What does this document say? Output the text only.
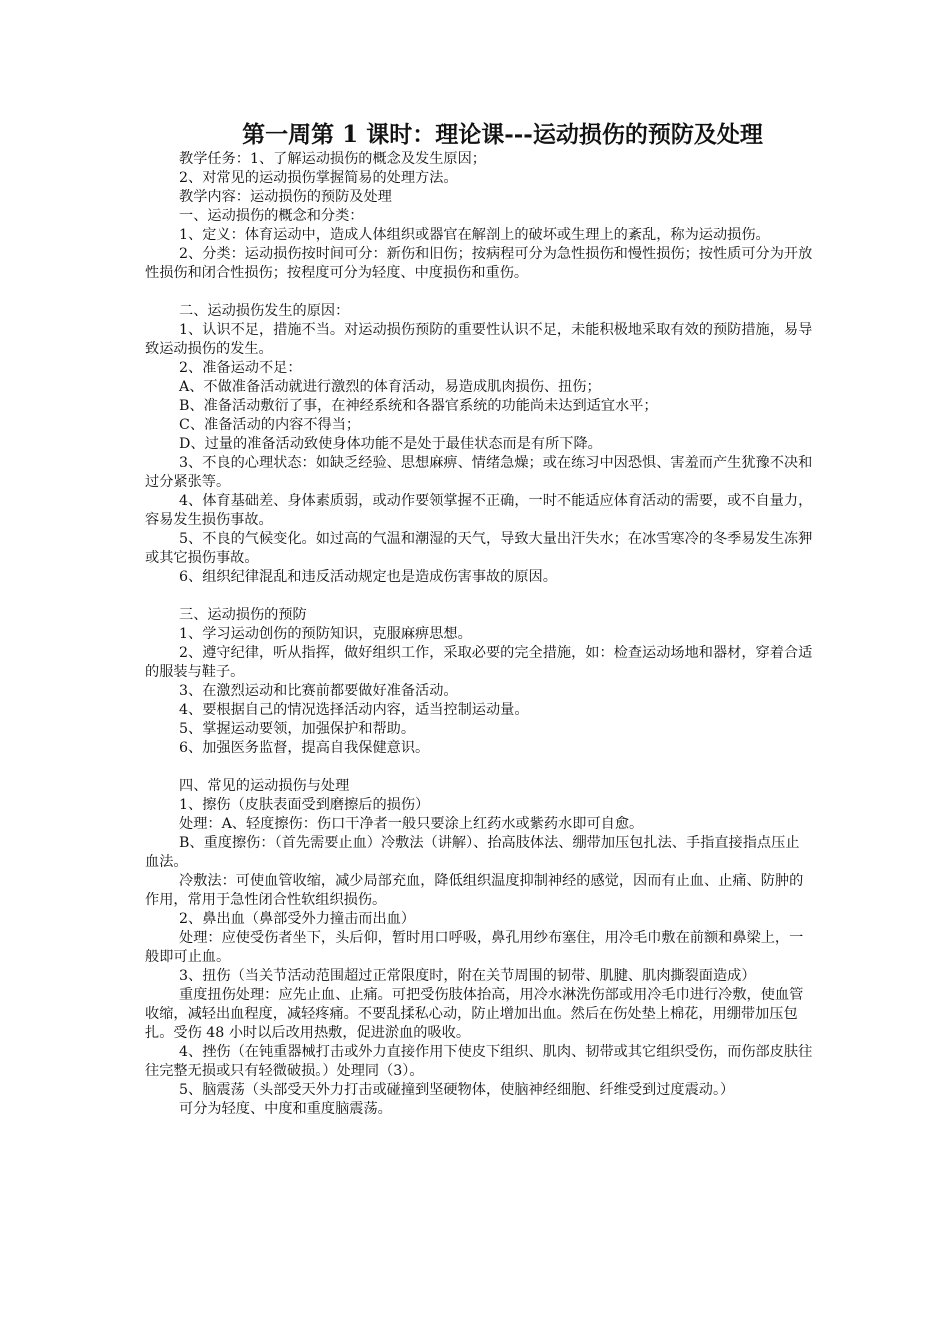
第一周第 1 课时：理论课---运动损伤的预防及处理

教学任务：1、了解运动损伤的概念及发生原因；

2、对常见的运动损伤掌握简易的处理方法。

教学内容：运动损伤的预防及处理

一、运动损伤的概念和分类：

1、定义：体育运动中，造成人体组织或器官在解剖上的破坏或生理上的紊乱，称为运动损伤。

2、分类：运动损伤按时间可分：新伤和旧伤；按病程可分为急性损伤和慢性损伤；按性质可分为开放性损伤和闭合性损伤；按程度可分为轻度、中度损伤和重伤。

二、运动损伤发生的原因：

1、认识不足，措施不当。对运动损伤预防的重要性认识不足，未能积极地采取有效的预防措施，易导致运动损伤的发生。

2、准备运动不足：

A、不做准备活动就进行激烈的体育活动，易造成肌肉损伤、扭伤；

B、准备活动敷衍了事，在神经系统和各器官系统的功能尚未达到适宜水平；

C、准备活动的内容不得当；

D、过量的准备活动致使身体功能不是处于最佳状态而是有所下降。

3、不良的心理状态：如缺乏经验、思想麻痹、情绪急燥；或在练习中因恐惧、害羞而产生犹豫不决和过分紧张等。

4、体育基础差、身体素质弱，或动作要领掌握不正确，一时不能适应体育活动的需要，或不自量力，容易发生损伤事故。

5、不良的气候变化。如过高的气温和潮湿的天气，导致大量出汗失水；在冰雪寒冷的冬季易发生冻狎或其它损伤事故。

6、组织纪律混乱和违反活动规定也是造成伤害事故的原因。

三、运动损伤的预防

1、学习运动创伤的预防知识，克服麻痹思想。

2、遵守纪律，听从指挥，做好组织工作，采取必要的完全措施，如：检查运动场地和器材，穿着合适的服装与鞋子。

3、在激烈运动和比赛前都要做好准备活动。

4、要根据自己的情况选择活动内容，适当控制运动量。

5、掌握运动要领，加强保护和帮助。

6、加强医务监督，提高自我保健意识。

四、常见的运动损伤与处理

1、擦伤（皮肤表面受到磨擦后的损伤）

处理：A、轻度擦伤：伤口干净者一般只要涂上红药水或紫药水即可自愈。

B、重度擦伤：（首先需要止血）冷敷法（讲解）、抬高肢体法、绷带加压包扎法、手指直接指点压止血法。

冷敷法：可使血管收缩，减少局部充血，降低组织温度抑制神经的感觉，因而有止血、止痛、防肿的作用，常用于急性闭合性软组织损伤。

2、鼻出血（鼻部受外力撞击而出血）

处理：应使受伤者坐下，头后仰，暂时用口呼吸，鼻孔用纱布塞住，用冷毛巾敷在前额和鼻梁上，一般即可止血。

3、扭伤（当关节活动范围超过正常限度时，附在关节周围的韧带、肌腱、肌肉撕裂面造成）

重度扭伤处理：应先止血、止痛。可把受伤肢体抬高，用冷水淋洗伤部或用冷毛巾进行冷敷，使血管收缩，减轻出血程度，减轻疼痛。不要乱揉私心动，防止增加出血。然后在伤处垫上棉花，用绷带加压包扎。受伤 48 小时以后改用热敷，促进淤血的吸收。

4、挫伤（在钝重器械打击或外力直接作用下使皮下组织、肌肉、韧带或其它组织受伤，而伤部皮肤往往完整无损或只有轻微破损。）处理同（3）。

5、脑震荡（头部受天外力打击或碰撞到坚硬物体，使脑神经细胞、纤维受到过度震动。）

可分为轻度、中度和重度脑震荡。
